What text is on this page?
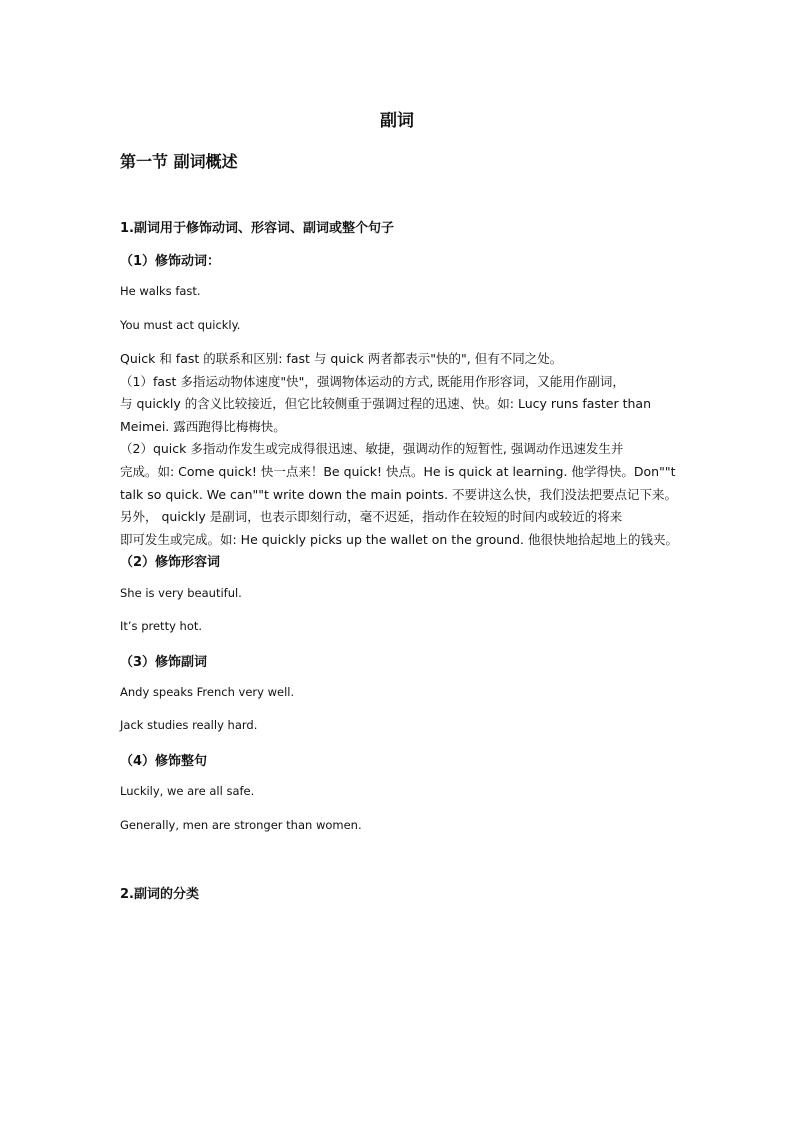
副词
第一节 副词概述
1.副词用于修饰动词、形容词、副词或整个句子
（1）修饰动词：
He walks fast.
You must act quickly.
Quick 和 fast 的联系和区别: fast 与 quick 两者都表示"快的", 但有不同之处。
（1）fast 多指运动物体速度"快"，强调物体运动的方式, 既能用作形容词，又能用作副词，
与 quickly 的含义比较接近，但它比较侧重于强调过程的迅速、快。如: Lucy runs faster than
Meimei. 露西跑得比梅梅快。
（2）quick 多指动作发生或完成得很迅速、敏捷，强调动作的短暂性, 强调动作迅速发生并
完成。如: Come quick! 快一点来！Be quick! 快点。He is quick at learning. 他学得快。Don""t
talk so quick. We can""t write down the main points. 不要讲这么快，我们没法把要点记下来。
另外， quickly 是副词，也表示即刻行动，毫不迟延，指动作在较短的时间内或较近的将来
即可发生或完成。如: He quickly picks up the wallet on the ground. 他很快地拾起地上的钱夹。
（2）修饰形容词
She is very beautiful.
It’s pretty hot.
（3）修饰副词
Andy speaks French very well.
Jack studies really hard.
（4）修饰整句
Luckily, we are all safe.
Generally, men are stronger than women.
2.副词的分类
